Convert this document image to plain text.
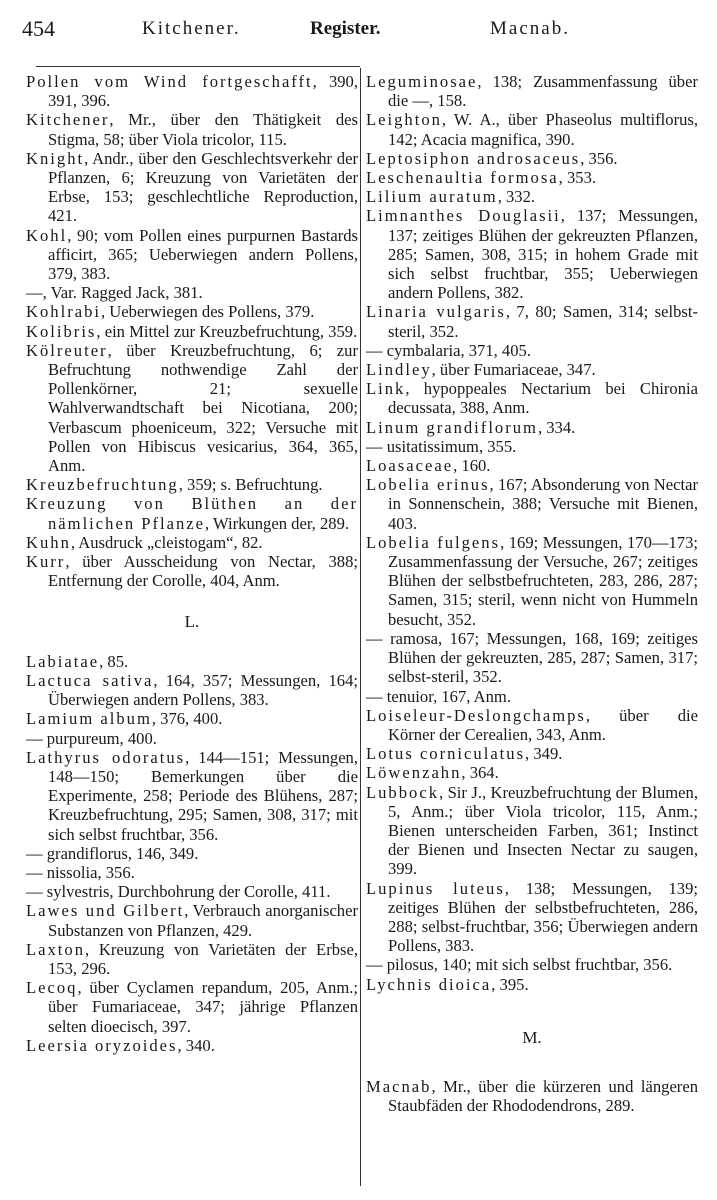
454	Kitchener.	Register.	Macnab.

Pollen vom Wind fortgeschafft, 390, 391, 396.

Kitchener, Mr., über den Thätigkeit des Stigma, 58; über Viola tricolor, 115.

Knight, Andr., über den Geschlechtsverkehr der Pflanzen, 6; Kreuzung von Varietäten der Erbse, 153; geschlechtliche Reproduction, 421.

Kohl, 90; vom Pollen eines purpurnen Bastards afficirt, 365; Ueberwiegen andern Pollens, 379, 383.

—, Var. Ragged Jack, 381.

Kohlrabi, Ueberwiegen des Pollens, 379.

Kolibris, ein Mittel zur Kreuzbefruchtung, 359.

Kölreuter, über Kreuzbefruchtung, 6; zur Befruchtung nothwendige Zahl der Pollenkörner, 21; sexuelle Wahlverwandtschaft bei Nicotiana, 200; Verbascum phoeniceum, 322; Versuche mit Pollen von Hibiscus vesicarius, 364, 365, Anm.

Kreuzbefruchtung, 359; s. Befruchtung.

Kreuzung von Blüthen an der nämlichen Pflanze, Wirkungen der, 289.

Kuhn, Ausdruck „cleistogam“, 82.

Kurr, über Ausscheidung von Nectar, 388; Entfernung der Corolle, 404, Anm.

L.

Labiatae, 85.

Lactuca sativa, 164, 357; Messungen, 164; Überwiegen andern Pollens, 383.

Lamium album, 376, 400.

— purpureum, 400.

Lathyrus odoratus, 144—151; Messungen, 148—150; Bemerkungen über die Experimente, 258; Periode des Blühens, 287; Kreuzbefruchtung, 295; Samen, 308, 317; mit sich selbst fruchtbar, 356.

— grandiflorus, 146, 349.

— nissolia, 356.

— sylvestris, Durchbohrung der Corolle, 411.

Lawes und Gilbert, Verbrauch anorganischer Substanzen von Pflanzen, 429.

Laxton, Kreuzung von Varietäten der Erbse, 153, 296.

Lecoq, über Cyclamen repandum, 205, Anm.; über Fumariaceae, 347; jährige Pflanzen selten dioecisch, 397.

Leersia oryzoides, 340.

Leguminosae, 138; Zusammenfassung über die —, 158.

Leighton, W. A., über Phaseolus multiflorus, 142; Acacia magnifica, 390.

Leptosiphon androsaceus, 356.

Leschenaultia formosa, 353.

Lilium auratum, 332.

Limnanthes Douglasii, 137; Messungen, 137; zeitiges Blühen der gekreuzten Pflanzen, 285; Samen, 308, 315; in hohem Grade mit sich selbst fruchtbar, 355; Ueberwiegen andern Pollens, 382.

Linaria vulgaris, 7, 80; Samen, 314; selbst-steril, 352.

— cymbalaria, 371, 405.

Lindley, über Fumariaceae, 347.

Link, hypoppeales Nectarium bei Chironia decussata, 388, Anm.

Linum grandiflorum, 334.

— usitatissimum, 355.

Loasaceae, 160.

Lobelia erinus, 167; Absonderung von Nectar in Sonnenschein, 388; Versuche mit Bienen, 403.

Lobelia fulgens, 169; Messungen, 170—173; Zusammenfassung der Versuche, 267; zeitiges Blühen der selbstbefruchteten, 283, 286, 287; Samen, 315; steril, wenn nicht von Hummeln besucht, 352.

— ramosa, 167; Messungen, 168, 169; zeitiges Blühen der gekreuzten, 285, 287; Samen, 317; selbst-steril, 352.

— tenuior, 167, Anm.

Loiseleur-Deslongchamps, über die Körner der Cerealien, 343, Anm.

Lotus corniculatus, 349.

Löwenzahn, 364.

Lubbock, Sir J., Kreuzbefruchtung der Blumen, 5, Anm.; über Viola tricolor, 115, Anm.; Bienen unterscheiden Farben, 361; Instinct der Bienen und Insecten Nectar zu saugen, 399.

Lupinus luteus, 138; Messungen, 139; zeitiges Blühen der selbstbefruchteten, 286, 288; selbst-fruchtbar, 356; Überwiegen andern Pollens, 383.

— pilosus, 140; mit sich selbst fruchtbar, 356.

Lychnis dioica, 395.

M.

Macnab, Mr., über die kürzeren und längeren Staubfäden der Rhododendrons, 289.
